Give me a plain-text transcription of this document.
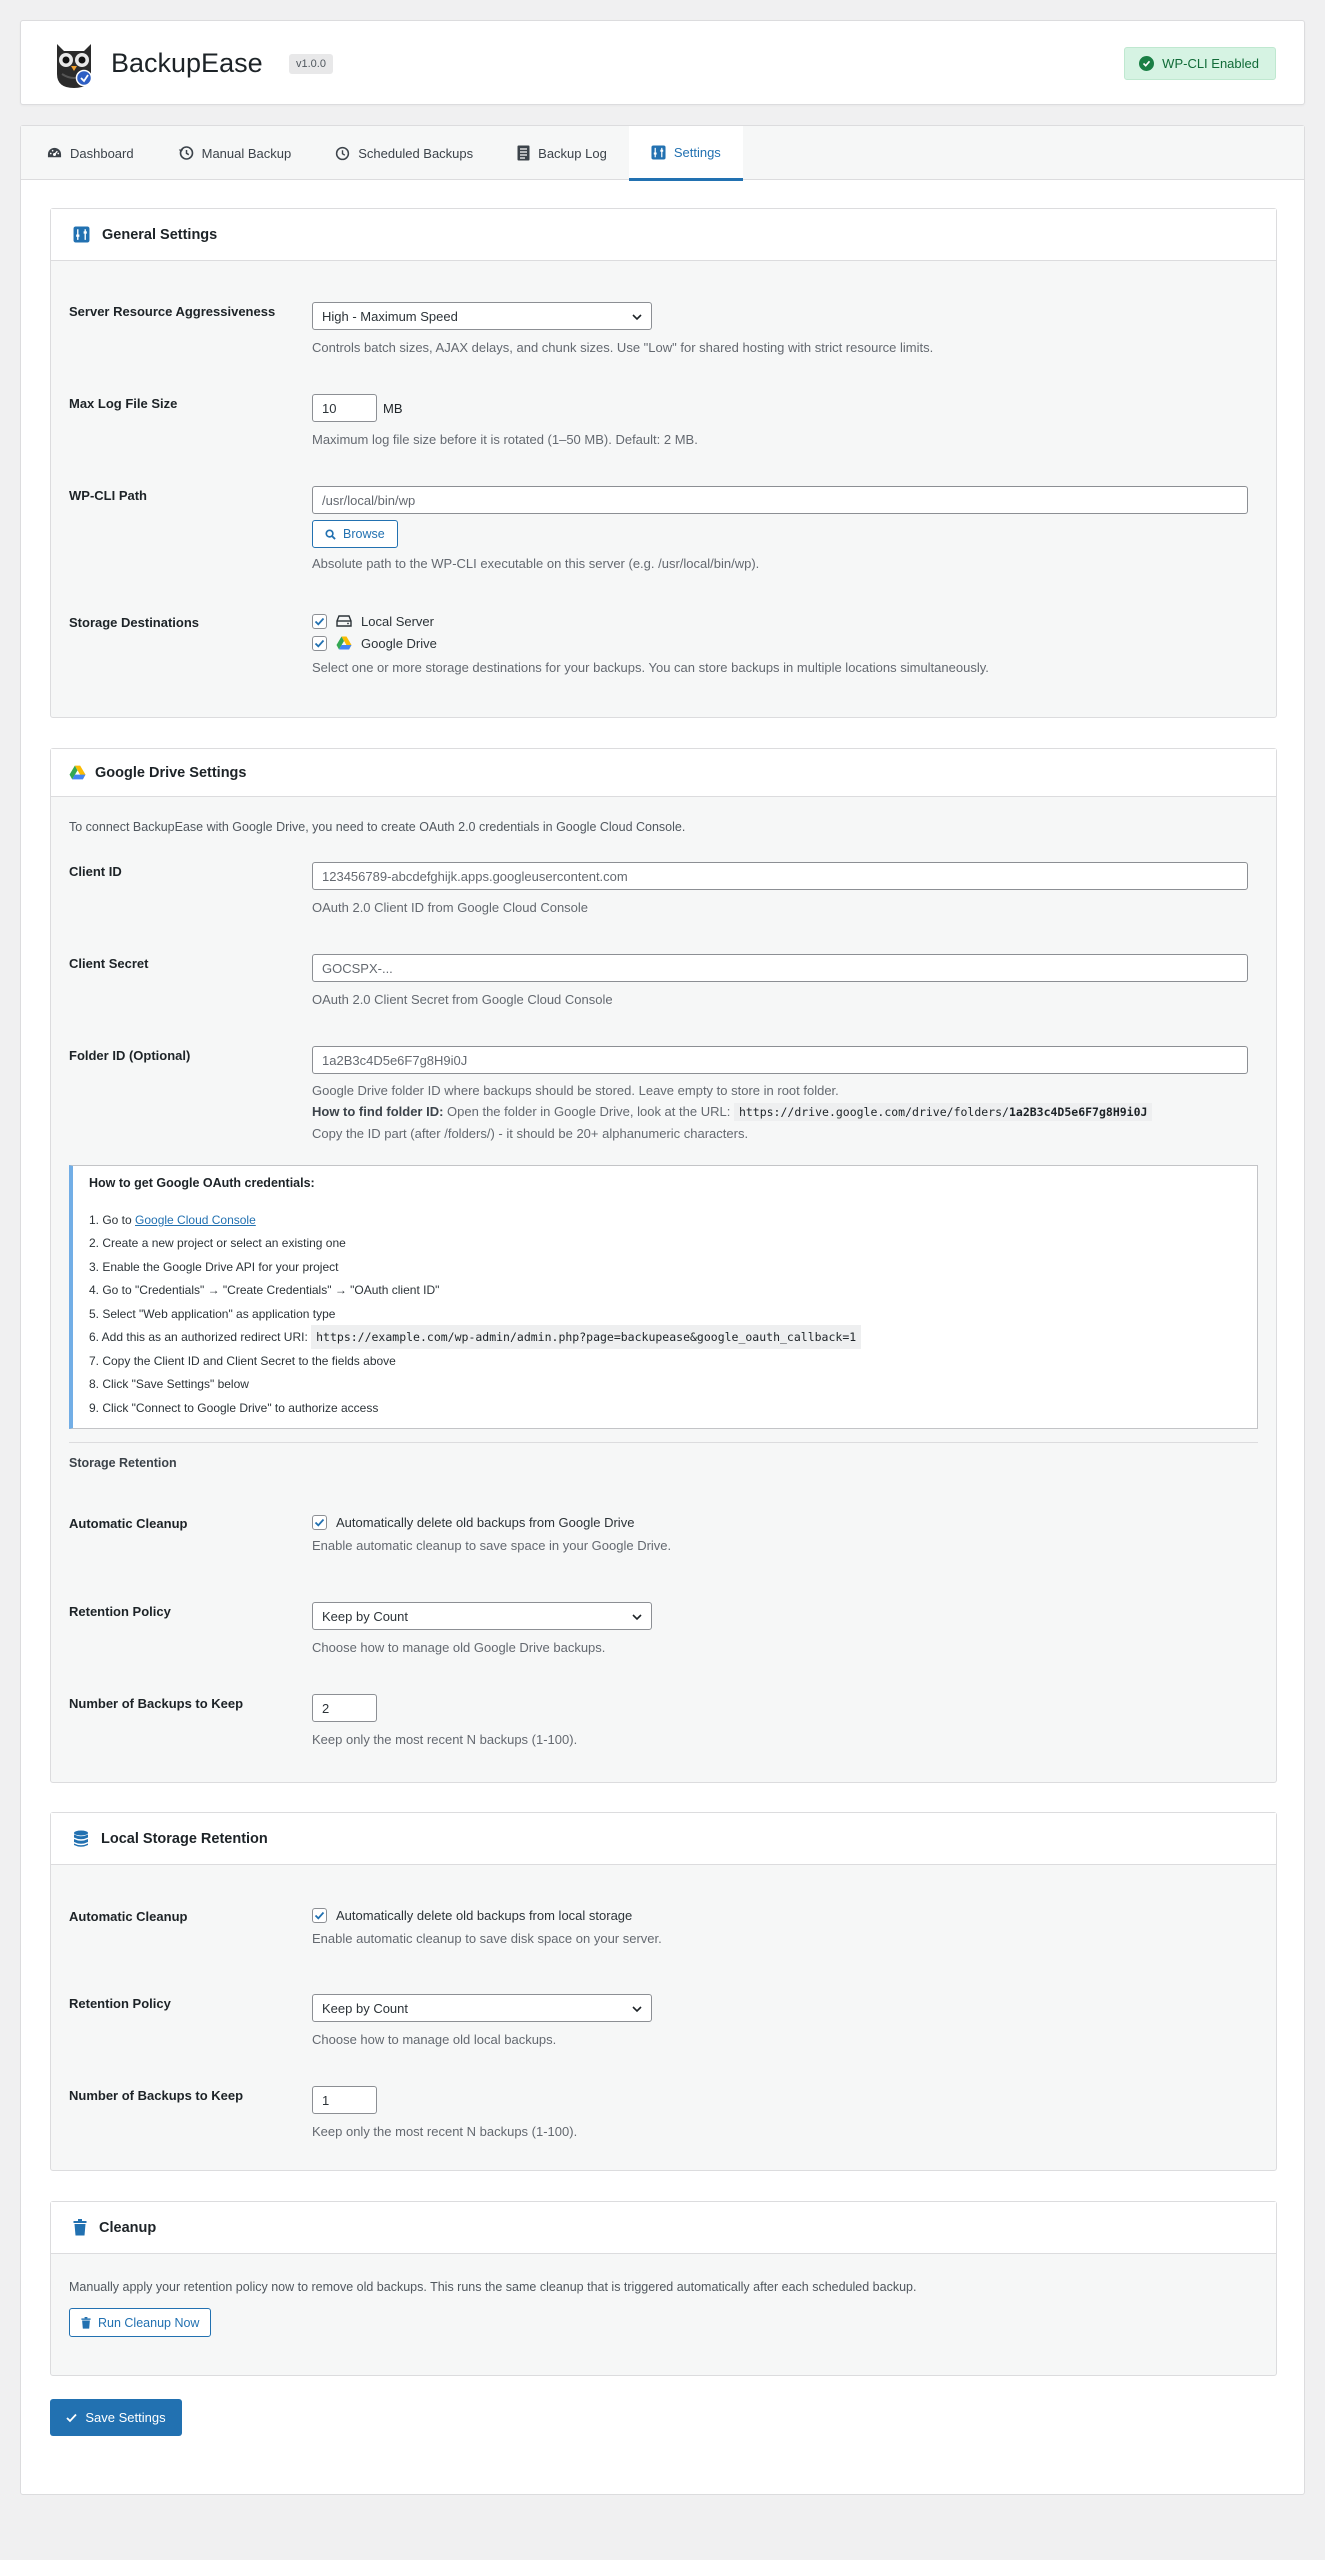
BackupEase	v1.0.0	WP-CLI Enabled
Dashboard	Manual Backup	Scheduled Backups	Backup Log	Settings
General Settings
Server Resource Aggressiveness	High - Maximum Speed
Controls batch sizes, AJAX delays, and chunk sizes. Use "Low" for shared hosting with strict resource limits.
Max Log File Size	10	MB
Maximum log file size before it is rotated (1–50 MB). Default: 2 MB.
WP-CLI Path	/usr/local/bin/wp
Browse
Absolute path to the WP-CLI executable on this server (e.g. /usr/local/bin/wp).
Storage Destinations	Local Server
Google Drive
Select one or more storage destinations for your backups. You can store backups in multiple locations simultaneously.
Google Drive Settings
To connect BackupEase with Google Drive, you need to create OAuth 2.0 credentials in Google Cloud Console.
Client ID	123456789-abcdefghijk.apps.googleusercontent.com
OAuth 2.0 Client ID from Google Cloud Console
Client Secret	GOCSPX-...
OAuth 2.0 Client Secret from Google Cloud Console
Folder ID (Optional)	1a2B3c4D5e6F7g8H9i0J
Google Drive folder ID where backups should be stored. Leave empty to store in root folder.
How to find folder ID: Open the folder in Google Drive, look at the URL: https://drive.google.com/drive/folders/1a2B3c4D5e6F7g8H9i0J
Copy the ID part (after /folders/) - it should be 20+ alphanumeric characters.
How to get Google OAuth credentials:
1. Go to Google Cloud Console
2. Create a new project or select an existing one
3. Enable the Google Drive API for your project
4. Go to "Credentials" → "Create Credentials" → "OAuth client ID"
5. Select "Web application" as application type
6. Add this as an authorized redirect URI: https://example.com/wp-admin/admin.php?page=backupease&google_oauth_callback=1
7. Copy the Client ID and Client Secret to the fields above
8. Click "Save Settings" below
9. Click "Connect to Google Drive" to authorize access
Storage Retention
Automatic Cleanup	Automatically delete old backups from Google Drive
Enable automatic cleanup to save space in your Google Drive.
Retention Policy	Keep by Count
Choose how to manage old Google Drive backups.
Number of Backups to Keep	2
Keep only the most recent N backups (1-100).
Local Storage Retention
Automatic Cleanup	Automatically delete old backups from local storage
Enable automatic cleanup to save disk space on your server.
Retention Policy	Keep by Count
Choose how to manage old local backups.
Number of Backups to Keep	1
Keep only the most recent N backups (1-100).
Cleanup
Manually apply your retention policy now to remove old backups. This runs the same cleanup that is triggered automatically after each scheduled backup.
Run Cleanup Now
Save Settings
